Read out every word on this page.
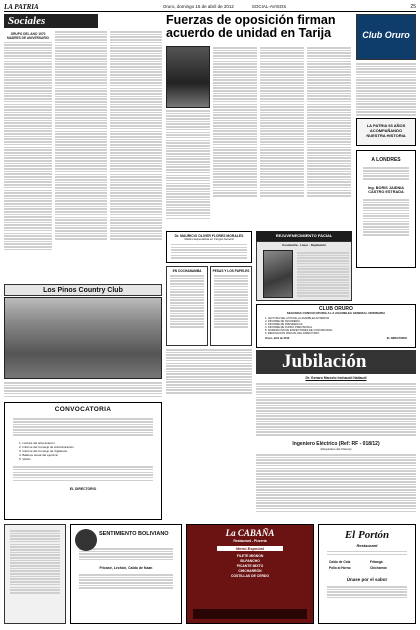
LA PATRIA	Oruro, domingo 15 de abril de 2012	SOCIAL-AVISOS	25
Sociales
GRUPO DEL ANO 1970 MADRES DE ANIVERSARIO
Los Pinos Country Club
Fuerzas de oposición firman acuerdo de unidad en Tarija	Club Oruro
LA PATRIA 93 AÑOS ACOMPAÑANDO NUESTRA HISTORIA
A LONDRES
Ing. BORIS JAIDNIA CASTRO ESTRADA
Dr. MAURICIO OLIVER FLORES MORALES
Médico Especialista en Cirugía General
REJUVENECIMIENTO FACIAL
Cosmiatría · Láser · Depilación
EN COCHABAMBA	PESAS Y LOS PAPELES
CLUB ORURO
SEGUNDA CONVOCATORIA A LA ASAMBLEA GENERAL ORDINARIA
1. LECTURA DEL ACTA DE LA ASAMBLEA ANTERIOR
2. INFORME DE TESORERÍA
3. INFORME DE PRESIDENCIA
4. INFORME DE FONDO PREVISIONAL
5. NOMINACIÓN DE INSPECTORES DE CONTABILIDAD
6. RENOVACIÓN PARCIAL DEL DIRECTORIO
Oruro, abril de 2012	EL DIRECTORIO
Jubilación
Dr. Genaro Marcelo Inchausti Nallaudi
Ingeniero Eléctrico (Ref: RF - 018/12)
(Requisitos del Cliente)
CONVOCATORIA
1. Lectura del acta anterior
2. Informe del Consejo de Administración
3. Informe del Consejo de Vigilancia
4. Balance anual del ejercicio
5. Varios
EL DIRECTORIO
SENTIMIENTO BOLIVIANO
Fricasé, Lechón, Caldo de Kaan
La CABAÑA
Restaurant - Pizzería
Menú Especial
FILETE MIGNON
SILPANCHO
PICANTE MIXTO
CHICHARRÓN
COSTILLAS DE CERDO
El Portón
Restaurant
Caldo de Cola	Fritanga
Pollo al Horno	Chicharrón
Únase por el sabor
